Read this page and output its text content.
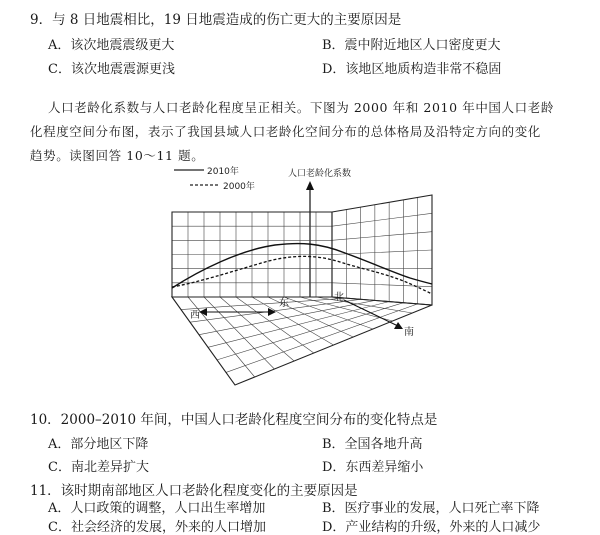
9．与 8 日地震相比，19 日地震造成的伤亡更大的主要原因是
A．该次地震震级更大	B．震中附近地区人口密度更大
C．该次地震震源更浅	D．该地区地质构造非常不稳固
人口老龄化系数与人口老龄化程度呈正相关。下图为 2000 年和 2010 年中国人口老龄
化程度空间分布图，表示了我国县域人口老龄化空间分布的总体格局及沿特定方向的变化
趋势。读图回答 10～11 题。
2010年
2000年
人口老龄化系数
西
东
北
南
10．2000–2010 年间，中国人口老龄化程度空间分布的变化特点是
A．部分地区下降	B．全国各地升高
C．南北差异扩大	D．东西差异缩小
11．该时期南部地区人口老龄化程度变化的主要原因是
A．人口政策的调整，人口出生率增加	B．医疗事业的发展，人口死亡率下降
C．社会经济的发展，外来的人口增加	D．产业结构的升级，外来的人口减少
